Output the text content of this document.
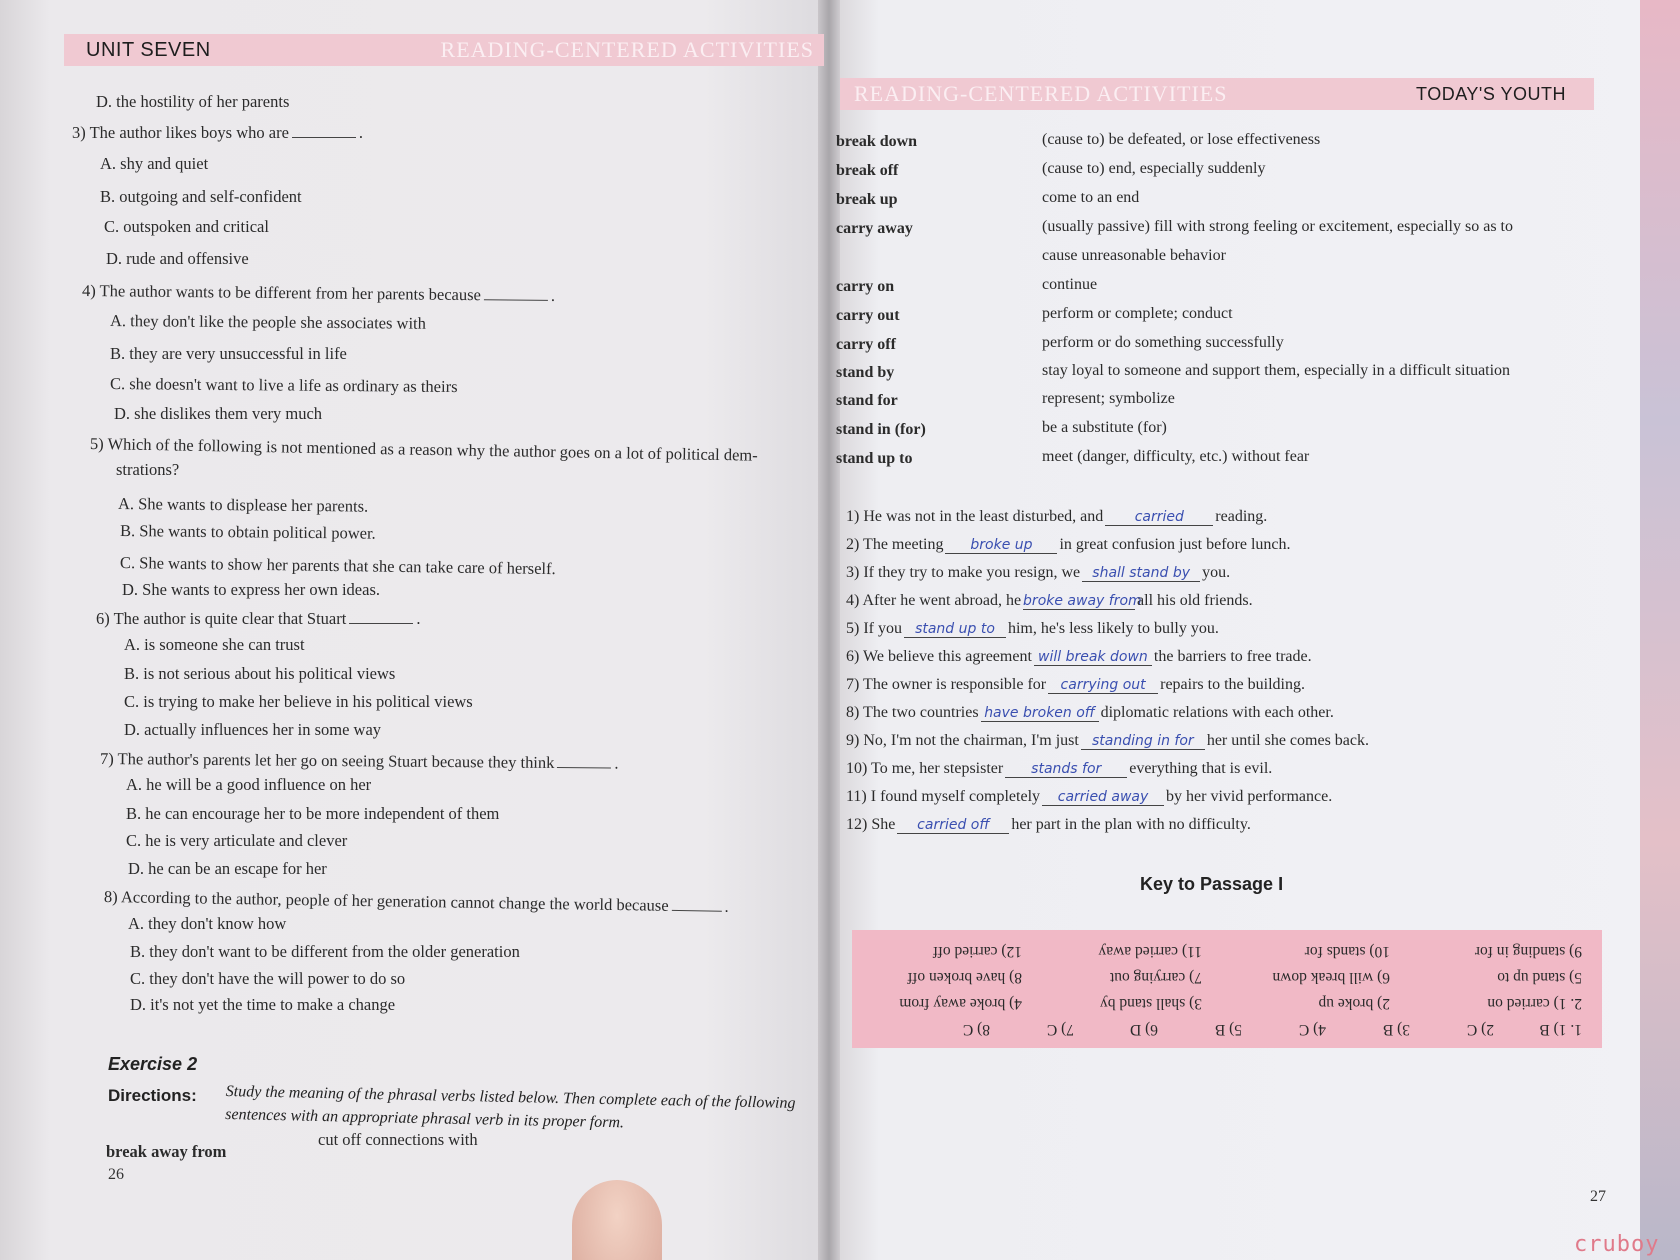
UNIT SEVEN	READING-CENTERED ACTIVITIES
D. the hostility of her parents
3) The author likes boys who are	.
A. shy and quiet
B. outgoing and self-confident
C. outspoken and critical
D. rude and offensive
4) The author wants to be different from her parents because	.
A. they don't like the people she associates with
B. they are very unsuccessful in life
C. she doesn't want to live a life as ordinary as theirs
D. she dislikes them very much
5) Which of the following is not mentioned as a reason why the author goes on a lot of political dem-
strations?
A. She wants to displease her parents.
B. She wants to obtain political power.
C. She wants to show her parents that she can take care of herself.
D. She wants to express her own ideas.
6) The author is quite clear that Stuart	.
A. is someone she can trust
B. is not serious about his political views
C. is trying to make her believe in his political views
D. actually influences her in some way
7) The author's parents let her go on seeing Stuart because they think	.
A. he will be a good influence on her
B. he can encourage her to be more independent of them
C. he is very articulate and clever
D. he can be an escape for her
8) According to the author, people of her generation cannot change the world because	.
A. they don't know how
B. they don't want to be different from the older generation
C. they don't have the will power to do so
D. it's not yet the time to make a change
Exercise 2
Directions: Study the meaning of the phrasal verbs listed below. Then complete each of the following sentences with an appropriate phrasal verb in its proper form.
break away from
cut off connections with
26
READING-CENTERED ACTIVITIES	TODAY'S YOUTH
break down	(cause to) be defeated, or lose effectiveness
break off	(cause to) end, especially suddenly
break up	come to an end
carry away	(usually passive) fill with strong feeling or excitement, especially so as to
cause unreasonable behavior
carry on	continue
carry out	perform or complete; conduct
carry off	perform or do something successfully
stand by	stay loyal to someone and support them, especially in a difficult situation
stand for	represent; symbolize
stand in (for)	be a substitute (for)
stand up to	meet (danger, difficulty, etc.) without fear
1) He was not in the least disturbed, and carried reading.
2) The meeting broke up in great confusion just before lunch.
3) If they try to make you resign, we shall stand by you.
4) After he went abroad, he broke away fromall his old friends.
5) If you stand up to him, he's less likely to bully you.
6) We believe this agreement will break down the barriers to free trade.
7) The owner is responsible for carrying out repairs to the building.
8) The two countries have broken off diplomatic relations with each other.
9) No, I'm not the chairman, I'm just standing in for her until she comes back.
10) To me, her stepsister stands for everything that is evil.
11) I found myself completely carried away by her vivid performance.
12) She carried off her part in the plan with no difficulty.
Key to Passage I
1. 1) B
2) C
3) B
4) C
5) B
6) D
7) C
8) C
2. 1) carried on
2) broke up
3) shall stand by
4) broke away from
5) stand up to
6) will break down
7) carrying out
8) have broken off
9) standing in for
10) stands for
11) carried away
12) carried off
27
cruboy
